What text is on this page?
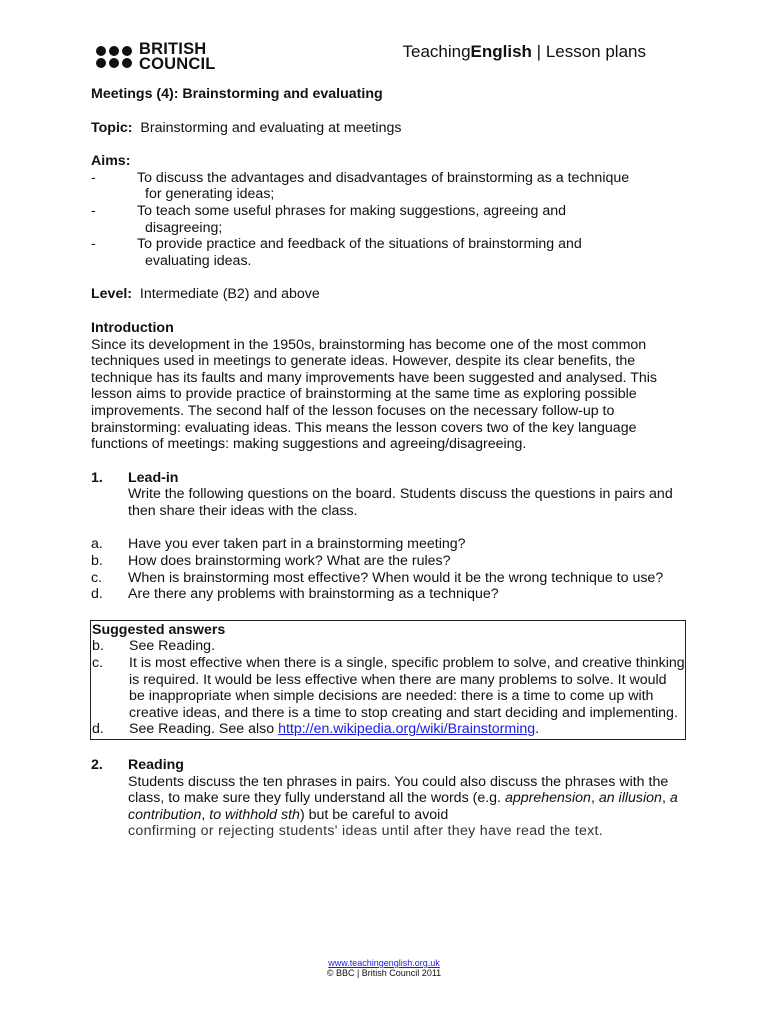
BRITISH
COUNCIL
TeachingEnglish | Lesson plans
Meetings (4): Brainstorming and evaluating
Topic: Brainstorming and evaluating at meetings
Aims:
-	To discuss the advantages and disadvantages of brainstorming as a technique
for generating ideas;
-	To teach some useful phrases for making suggestions, agreeing and
disagreeing;
-	To provide practice and feedback of the situations of brainstorming and
evaluating ideas.
Level: Intermediate (B2) and above
Introduction
Since its development in the 1950s, brainstorming has become one of the most common techniques used in meetings to generate ideas. However, despite its clear benefits, the technique has its faults and many improvements have been suggested and analysed. This lesson aims to provide practice of brainstorming at the same time as exploring possible improvements. The second half of the lesson focuses on the necessary follow-up to brainstorming: evaluating ideas. This means the lesson covers two of the key language functions of meetings: making suggestions and agreeing/disagreeing.
1.	Lead-in
Write the following questions on the board. Students discuss the questions in pairs and then share their ideas with the class.
a.	Have you ever taken part in a brainstorming meeting?
b.	How does brainstorming work? What are the rules?
c.	When is brainstorming most effective? When would it be the wrong technique to use?
d.	Are there any problems with brainstorming as a technique?
Suggested answers
b.	See Reading.
c.	It is most effective when there is a single, specific problem to solve, and creative thinking is required. It would be less effective when there are many problems to solve. It would be inappropriate when simple decisions are needed: there is a time to come up with creative ideas, and there is a time to stop creating and start deciding and implementing.
d.	See Reading. See also http://en.wikipedia.org/wiki/Brainstorming.
2.	Reading
Students discuss the ten phrases in pairs. You could also discuss the phrases with the class, to make sure they fully understand all the words (e.g. apprehension, an illusion, a contribution, to withhold sth) but be careful to avoid
confirming or rejecting students' ideas until after they have read the text.
www.teachingenglish.org.uk
© BBC | British Council 2011
